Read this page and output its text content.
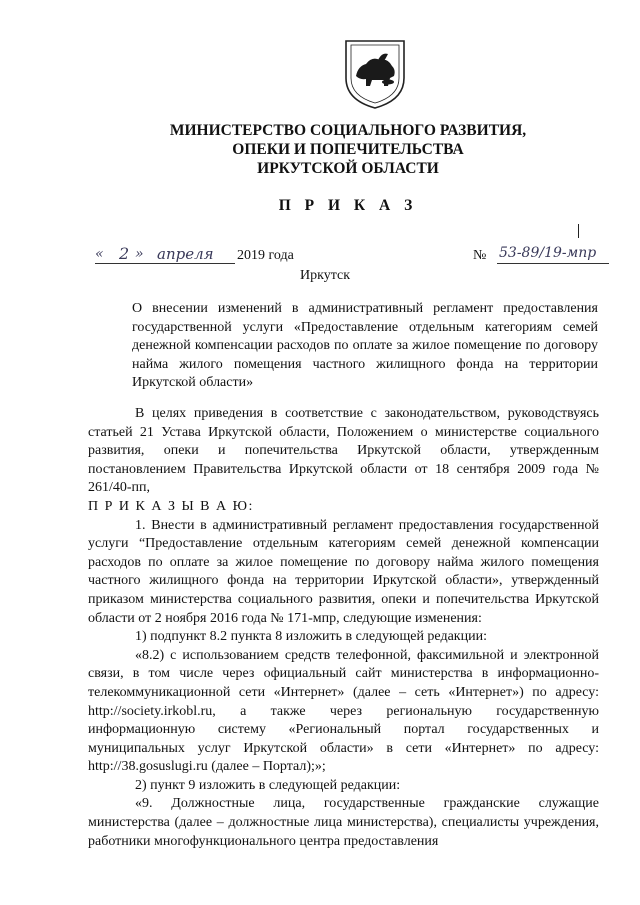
МИНИСТЕРСТВО СОЦИАЛЬНОГО РАЗВИТИЯ,
ОПЕКИ И ПОПЕЧИТЕЛЬСТВА
ИРКУТСКОЙ ОБЛАСТИ
П Р И К А З
« 2 » апреля 2019 года	№ 53-89/19-мпр
Иркутск
О внесении изменений в административный регламент предоставления государственной услуги «Предоставление отдельным категориям семей денежной компенсации расходов по оплате за жилое помещение по договору найма жилого помещения частного жилищного фонда на территории Иркутской области»

В целях приведения в соответствие с законодательством, руководствуясь статьей 21 Устава Иркутской области, Положением о министерстве социального развития, опеки и попечительства Иркутской области, утвержденным постановлением Правительства Иркутской области от 18 сентября 2009 года № 261/40-пп,

П Р И К А З Ы В А Ю:

1. Внести в административный регламент предоставления государственной услуги “Предоставление отдельным категориям семей денежной компенсации расходов по оплате за жилое помещение по договору найма жилого помещения частного жилищного фонда на территории Иркутской области», утвержденный приказом министерства социального развития, опеки и попечительства Иркутской области от 2 ноября 2016 года № 171-мпр, следующие изменения:

1) подпункт 8.2 пункта 8 изложить в следующей редакции:

«8.2) с использованием средств телефонной, факсимильной и электронной связи, в том числе через официальный сайт министерства в информационно-телекоммуникационной сети «Интернет» (далее – сеть «Интернет») по адресу: http://society.irkobl.ru, а также через региональную государственную информационную систему «Региональный портал государственных и муниципальных услуг Иркутской области» в сети «Интернет» по адресу: http://38.gosuslugi.ru (далее – Портал);»;

2) пункт 9 изложить в следующей редакции:

«9. Должностные лица, государственные гражданские служащие министерства (далее – должностные лица министерства), специалисты учреждения, работники многофункционального центра предоставления
